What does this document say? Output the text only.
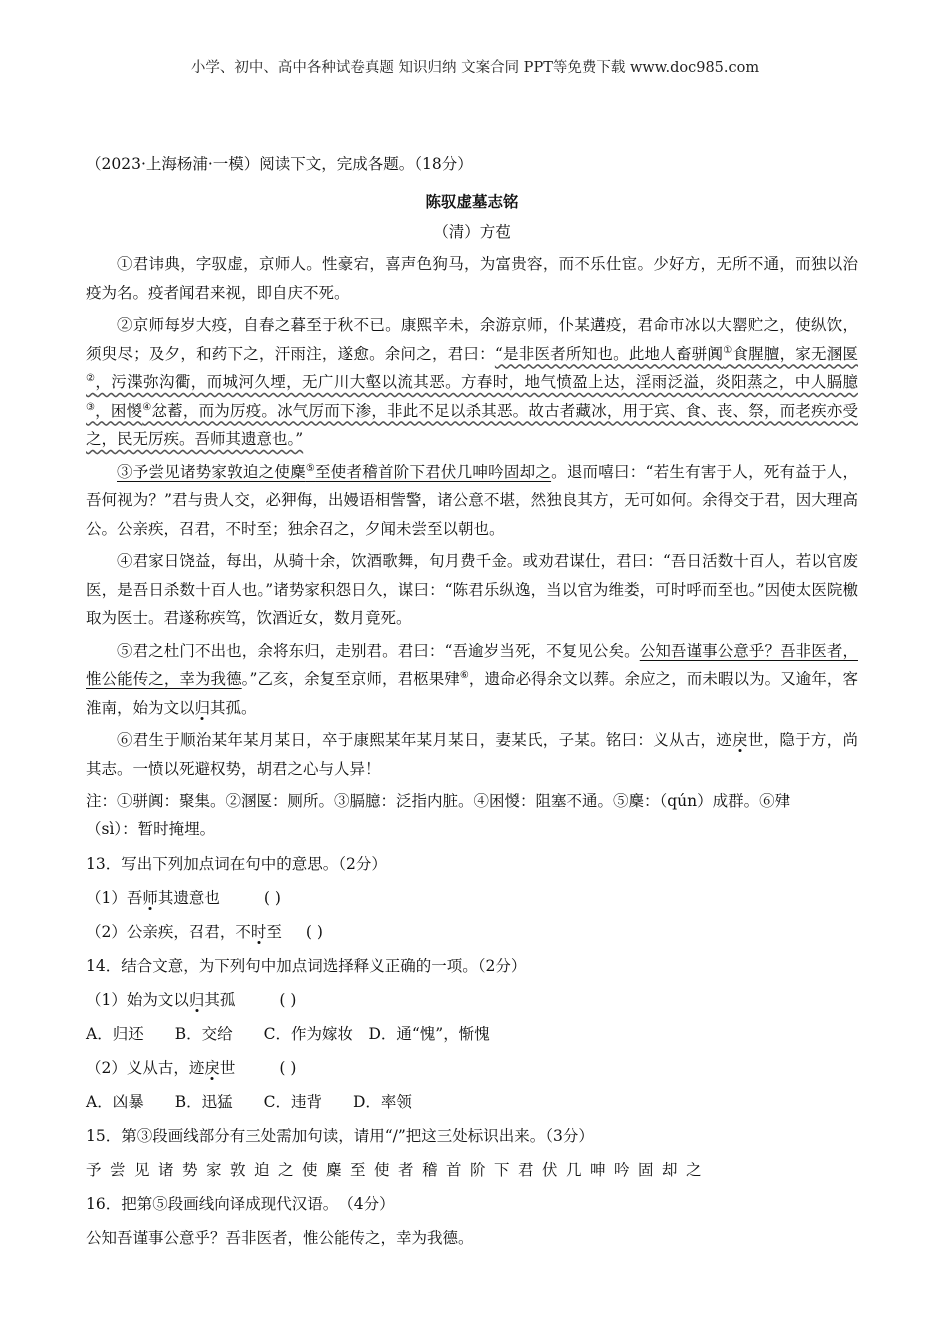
小学、初中、高中各种试卷真题 知识归纳 文案合同 PPT等免费下载 www.doc985.com
（2023·上海杨浦·一模）阅读下文，完成各题。（18分）
陈驭虚墓志铭
（清）方苞

①君讳典，字驭虚，京师人。性豪宕，喜声色狗马，为富贵容，而不乐仕宦。少好方，无所不通，而独以治疫为名。疫者闻君来视，即自庆不死。

②京师每岁大疫，自春之暮至于秋不已。康熙辛未，余游京师，仆某遘疫，君命市冰以大罂贮之，使纵饮，须臾尽；及夕，和药下之，汗雨注，遂愈。余问之，君曰：“是非医者所知也。此地人畜骈阗①食腥膻，家无溷匽②，污渫弥沟衢，而城河久堙，无广川大壑以流其恶。方春时，地气愤盈上达，淫雨泛溢，炎阳蒸之，中人膈臆③，困惾④忿蓄，而为厉疫。冰气厉而下渗，非此不足以杀其恶。故古者藏冰，用于宾、食、丧、祭，而老疾亦受之，民无厉疾。吾师其遗意也。”

③予尝见诸势家敦迫之使麇⑤至使者稽首阶下君伏几呻吟固却之。退而嘻曰：“若生有害于人，死有益于人，吾何视为？”君与贵人交，必狎侮，出嫚语相訾警，诸公意不堪，然独良其方，无可如何。余得交于君，因大理高公。公亲疾，召君，不时至；独余召之，夕闻未尝至以朝也。

④君家日饶益，每出，从骑十余，饮酒歌舞，旬月费千金。或劝君谋仕，君曰：“吾日活数十百人，若以官废医，是吾日杀数十百人也。”诸势家积怨日久，谋曰：“陈君乐纵逸，当以官为维娄，可时呼而至也。”因使太医院檄取为医士。君遂称疾笃，饮酒近女，数月竟死。

⑤君之杜门不出也，余将东归，走别君。君曰：“吾逾岁当死，不复见公矣。公知吾谨事公意乎？吾非医者，惟公能传之，幸为我德。”乙亥，余复至京师，君柩果肂⑥，遗命必得余文以葬。余应之，而未暇以为。又逾年，客淮南，始为文以归其孤。

⑥君生于顺治某年某月某日，卒于康熙某年某月某日，妻某氏，子某。铭曰：义从古，迹戾世，隐于方，尚其志。一愤以死避权势，胡君之心与人异！

注：①骈阗：聚集。②溷匽：厕所。③膈臆：泛指内脏。④困惾：阻塞不通。⑤麇：（qún）成群。⑥肂
（sì）：暂时掩埋。
13．写出下列加点词在句中的意思。（2分）
（1）吾师其遗意也	( )
（2）公亲疾，召君，不时至 ( )
14．结合文意，为下列句中加点词选择释义正确的一项。（2分）
（1）始为文以归其孤	( )
A．归还　　B．交给　　C．作为嫁妆　D．通“愧”，惭愧
（2）义从古，迹戾世	( )
A．凶暴　　B．迅猛　　C．违背　　D．率领
15．第③段画线部分有三处需加句读，请用“/”把这三处标识出来。（3分）
予尝见诸势家敦迫之使麇至使者稽首阶下君伏几呻吟固却之
16．把第⑤段画线向译成现代汉语。　（4分）
公知吾谨事公意乎？吾非医者，惟公能传之，幸为我德。
